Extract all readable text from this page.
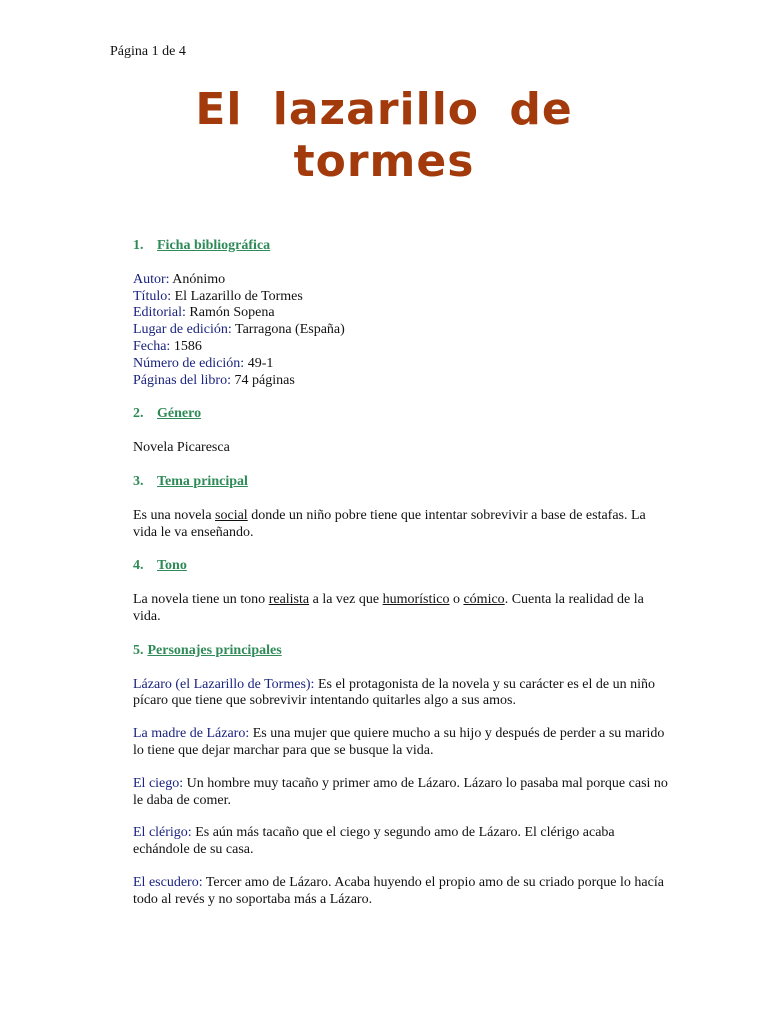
Página 1 de 4
El lazarillo de
tormes

1. Ficha bibliográfica

Autor: Anónimo

Título: El Lazarillo de Tormes

Editorial: Ramón Sopena

Lugar de edición: Tarragona (España)

Fecha: 1586

Número de edición: 49-1

Páginas del libro: 74 páginas

2. Género

Novela Picaresca

3. Tema principal

Es una novela social donde un niño pobre tiene que intentar sobrevivir a base de estafas. La vida le va enseñando.

4. Tono

La novela tiene un tono realista a la vez que humorístico o cómico. Cuenta la realidad de la vida.

5. Personajes principales

Lázaro (el Lazarillo de Tormes): Es el protagonista de la novela y su carácter es el de un niño pícaro que tiene que sobrevivir intentando quitarles algo a sus amos.

La madre de Lázaro: Es una mujer que quiere mucho a su hijo y después de perder a su marido lo tiene que dejar marchar para que se busque la vida.

El ciego: Un hombre muy tacaño y primer amo de Lázaro. Lázaro lo pasaba mal porque casi no le daba de comer.

El clérigo: Es aún más tacaño que el ciego y segundo amo de Lázaro. El clérigo acaba echándole de su casa.

El escudero: Tercer amo de Lázaro. Acaba huyendo el propio amo de su criado porque lo hacía todo al revés y no soportaba más a Lázaro.
